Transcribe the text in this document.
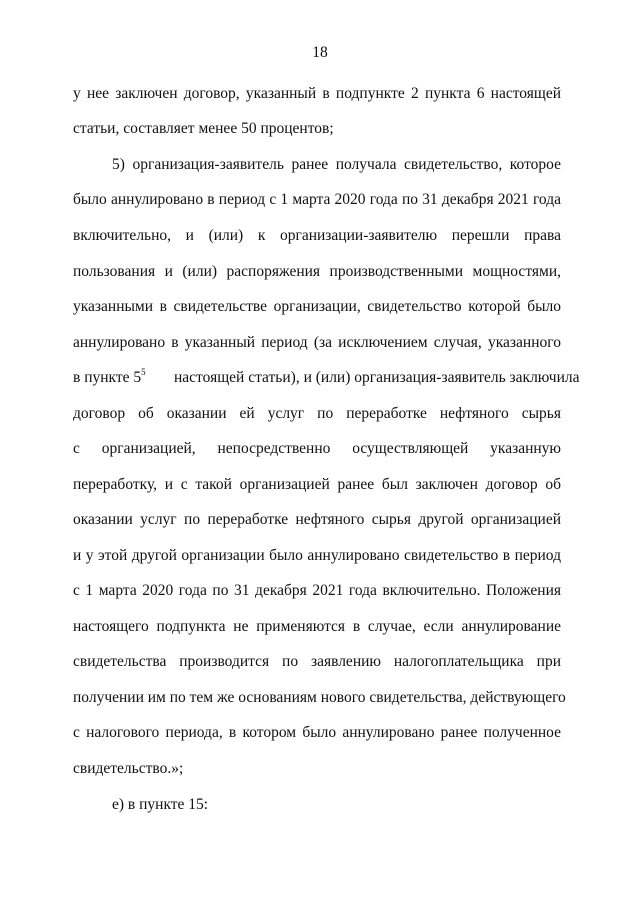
18
у нее заключен договор, указанный в подпункте 2 пункта 6 настоящей
статьи, составляет менее 50 процентов;
5) организация-заявитель ранее получала свидетельство, которое
было аннулировано в период с 1 марта 2020 года по 31 декабря 2021 года
включительно, и (или) к организации-заявителю перешли права
пользования и (или) распоряжения производственными мощностями,
указанными в свидетельстве организации, свидетельство которой было
аннулировано в указанный период (за исключением случая, указанного
в пункте $5^5$	настоящей статьи), и (или) организация-заявитель заключила
договор об оказании ей услуг по переработке нефтяного сырья
с организацией, непосредственно осуществляющей указанную
переработку, и с такой организацией ранее был заключен договор об
оказании услуг по переработке нефтяного сырья другой организацией
и у этой другой организации было аннулировано свидетельство в период
с 1 марта 2020 года по 31 декабря 2021 года включительно. Положения
настоящего подпункта не применяются в случае, если аннулирование
свидетельства производится по заявлению налогоплательщика при
получении им по тем же основаниям нового свидетельства, действующего
с налогового периода, в котором было аннулировано ранее полученное
свидетельство.»;
е) в пункте 15:
